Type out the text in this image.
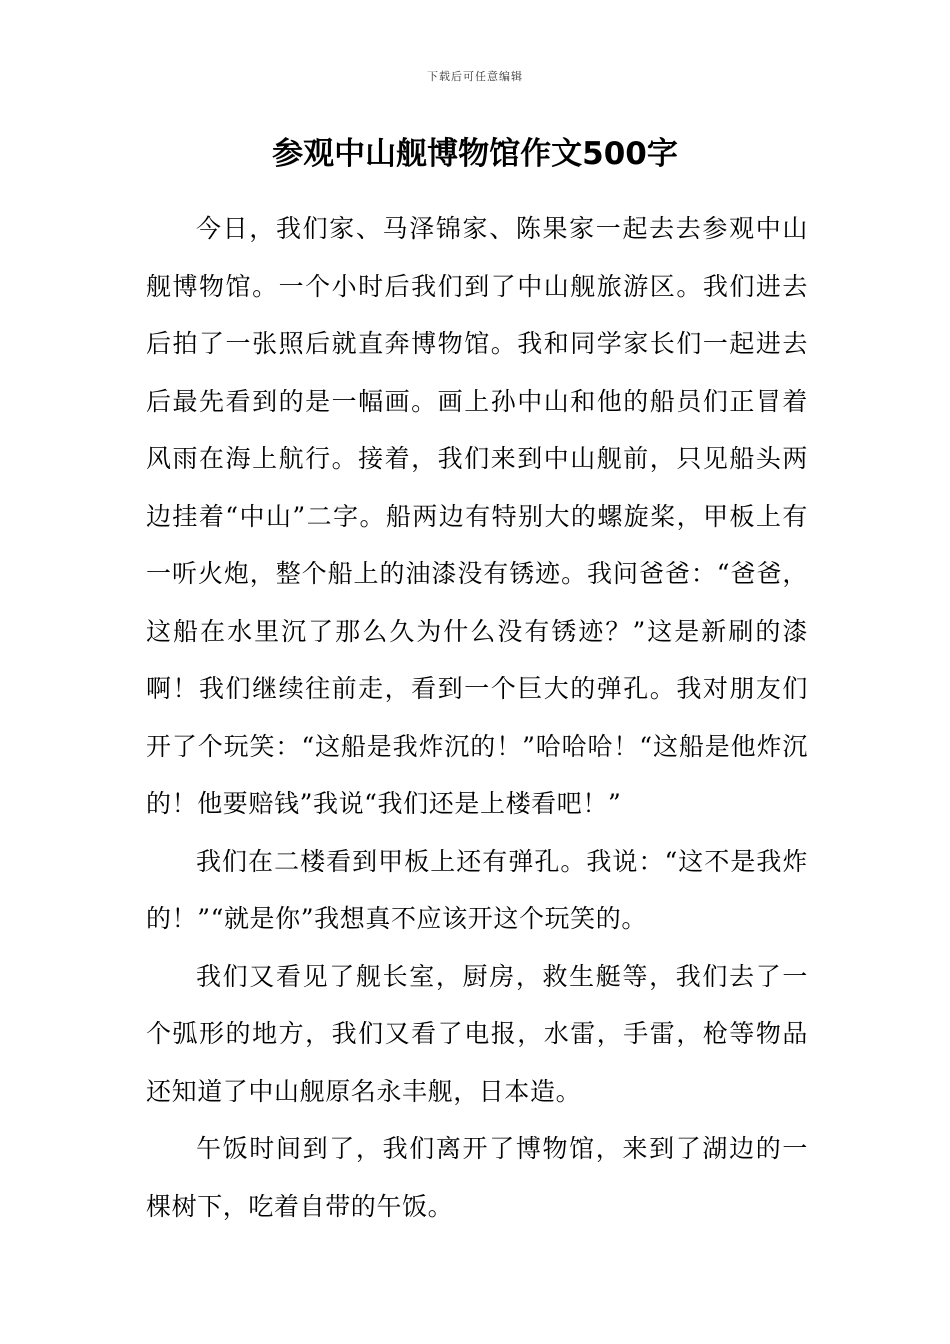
下载后可任意编辑
参观中山舰博物馆作文500字

今日，我们家、马泽锦家、陈果家一起去去参观中山舰博物馆。一个小时后我们到了中山舰旅游区。我们进去后拍了一张照后就直奔博物馆。我和同学家长们一起进去后最先看到的是一幅画。画上孙中山和他的船员们正冒着风雨在海上航行。接着，我们来到中山舰前，只见船头两边挂着“中山”二字。船两边有特别大的螺旋桨，甲板上有一听火炮，整个船上的油漆没有锈迹。我问爸爸：“爸爸，这船在水里沉了那么久为什么没有锈迹？”这是新刷的漆啊！我们继续往前走，看到一个巨大的弹孔。我对朋友们开了个玩笑：“这船是我炸沉的！”哈哈哈！“这船是他炸沉的！他要赔钱”我说“我们还是上楼看吧！”

我们在二楼看到甲板上还有弹孔。我说：“这不是我炸的！”“就是你”我想真不应该开这个玩笑的。

我们又看见了舰长室，厨房，救生艇等，我们去了一个弧形的地方，我们又看了电报，水雷，手雷，枪等物品还知道了中山舰原名永丰舰，日本造。

午饭时间到了，我们离开了博物馆，来到了湖边的一棵树下，吃着自带的午饭。
